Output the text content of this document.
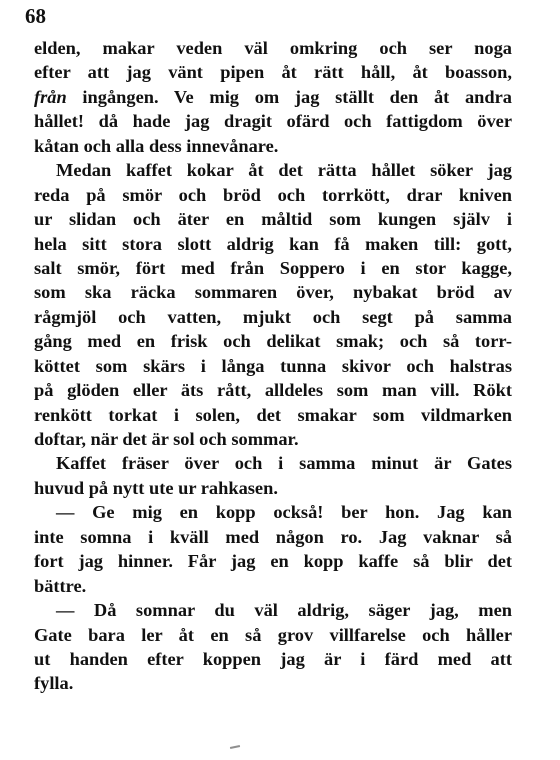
68
elden, makar veden väl omkring och ser noga
efter att jag vänt pipen åt rätt håll, åt boasson,
från ingången. Ve mig om jag ställt den åt andra
hållet! då hade jag dragit ofärd och fattigdom över
kåtan och alla dess innevånare.
Medan kaffet kokar åt det rätta hållet söker jag
reda på smör och bröd och torrkött, drar kniven
ur slidan och äter en måltid som kungen själv i
hela sitt stora slott aldrig kan få maken till: gott,
salt smör, fört med från Soppero i en stor kagge,
som ska räcka sommaren över, nybakat bröd av
rågmjöl och vatten, mjukt och segt på samma
gång med en frisk och delikat smak; och så torr-
köttet som skärs i långa tunna skivor och halstras
på glöden eller äts rått, alldeles som man vill. Rökt
renkött torkat i solen, det smakar som vildmarken
doftar, när det är sol och sommar.
Kaffet fräser över och i samma minut är Gates
huvud på nytt ute ur rahkasen.
— Ge mig en kopp också! ber hon. Jag kan
inte somna i kväll med någon ro. Jag vaknar så
fort jag hinner. Får jag en kopp kaffe så blir det
bättre.
— Då somnar du väl aldrig, säger jag, men
Gate bara ler åt en så grov villfarelse och håller
ut handen efter koppen jag är i färd med att
fylla.
